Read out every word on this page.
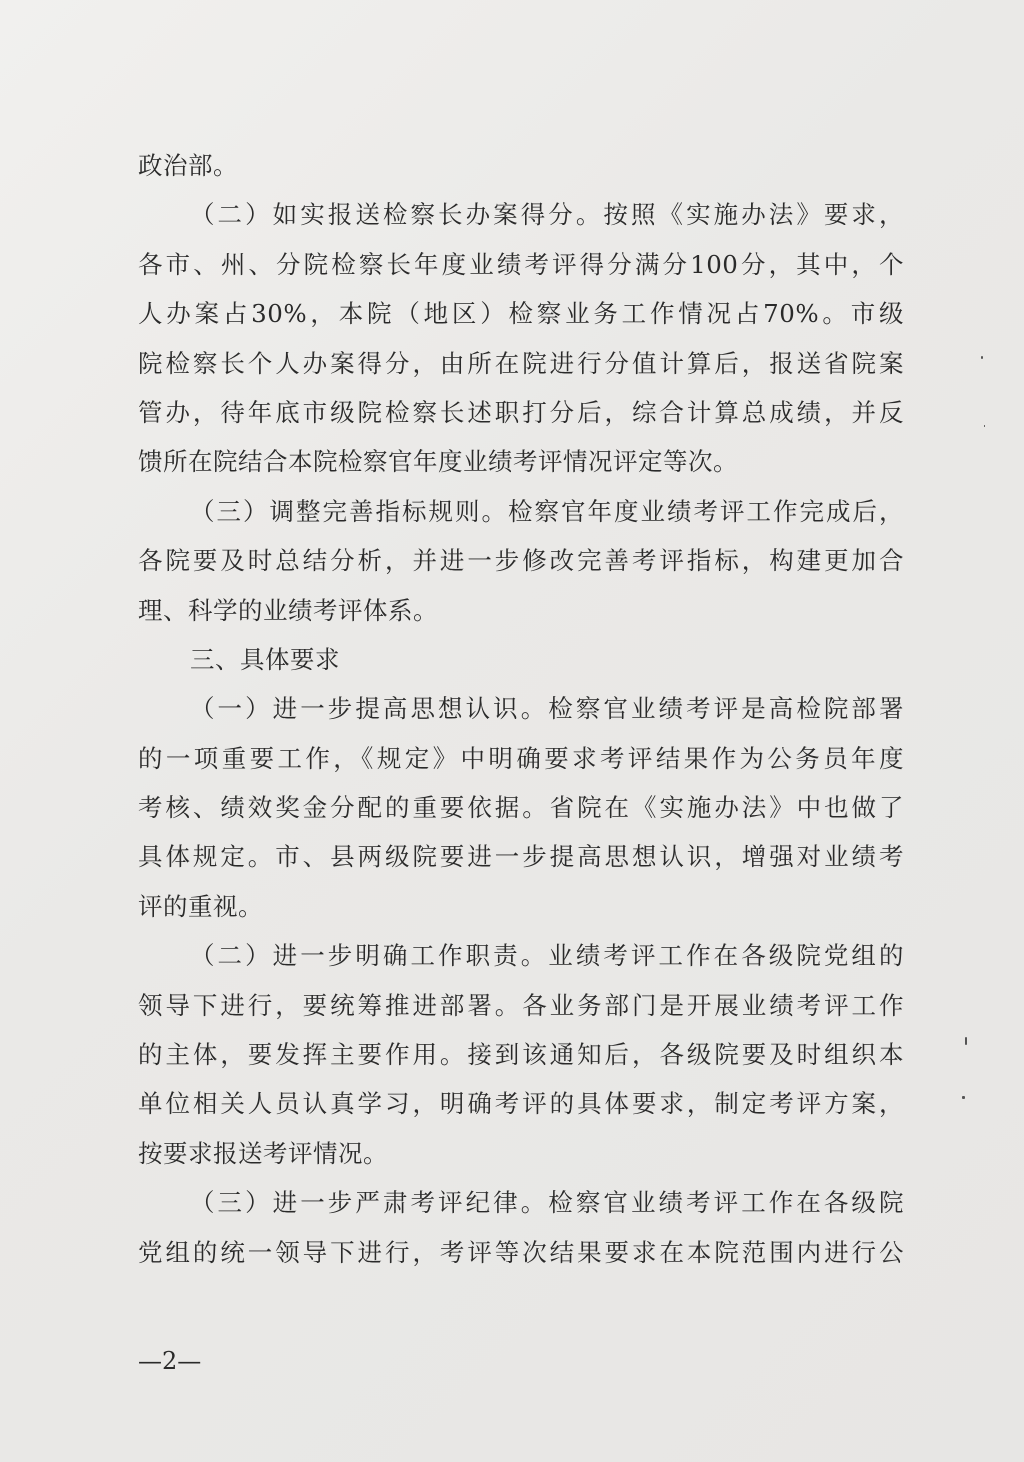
政治部。
（二）如实报送检察长办案得分。按照《实施办法》要求，
各市、州、分院检察长年度业绩考评得分满分100分，其中，个
人办案占30%，本院（地区）检察业务工作情况占70%。市级
院检察长个人办案得分，由所在院进行分值计算后，报送省院案
管办，待年底市级院检察长述职打分后，综合计算总成绩，并反
馈所在院结合本院检察官年度业绩考评情况评定等次。
（三）调整完善指标规则。检察官年度业绩考评工作完成后，
各院要及时总结分析，并进一步修改完善考评指标，构建更加合
理、科学的业绩考评体系。
三、具体要求
（一）进一步提高思想认识。检察官业绩考评是高检院部署
的一项重要工作，《规定》中明确要求考评结果作为公务员年度
考核、绩效奖金分配的重要依据。省院在《实施办法》中也做了
具体规定。市、县两级院要进一步提高思想认识，增强对业绩考
评的重视。
（二）进一步明确工作职责。业绩考评工作在各级院党组的
领导下进行，要统筹推进部署。各业务部门是开展业绩考评工作
的主体，要发挥主要作用。接到该通知后，各级院要及时组织本
单位相关人员认真学习，明确考评的具体要求，制定考评方案，
按要求报送考评情况。
（三）进一步严肃考评纪律。检察官业绩考评工作在各级院
党组的统一领导下进行，考评等次结果要求在本院范围内进行公
—2—
